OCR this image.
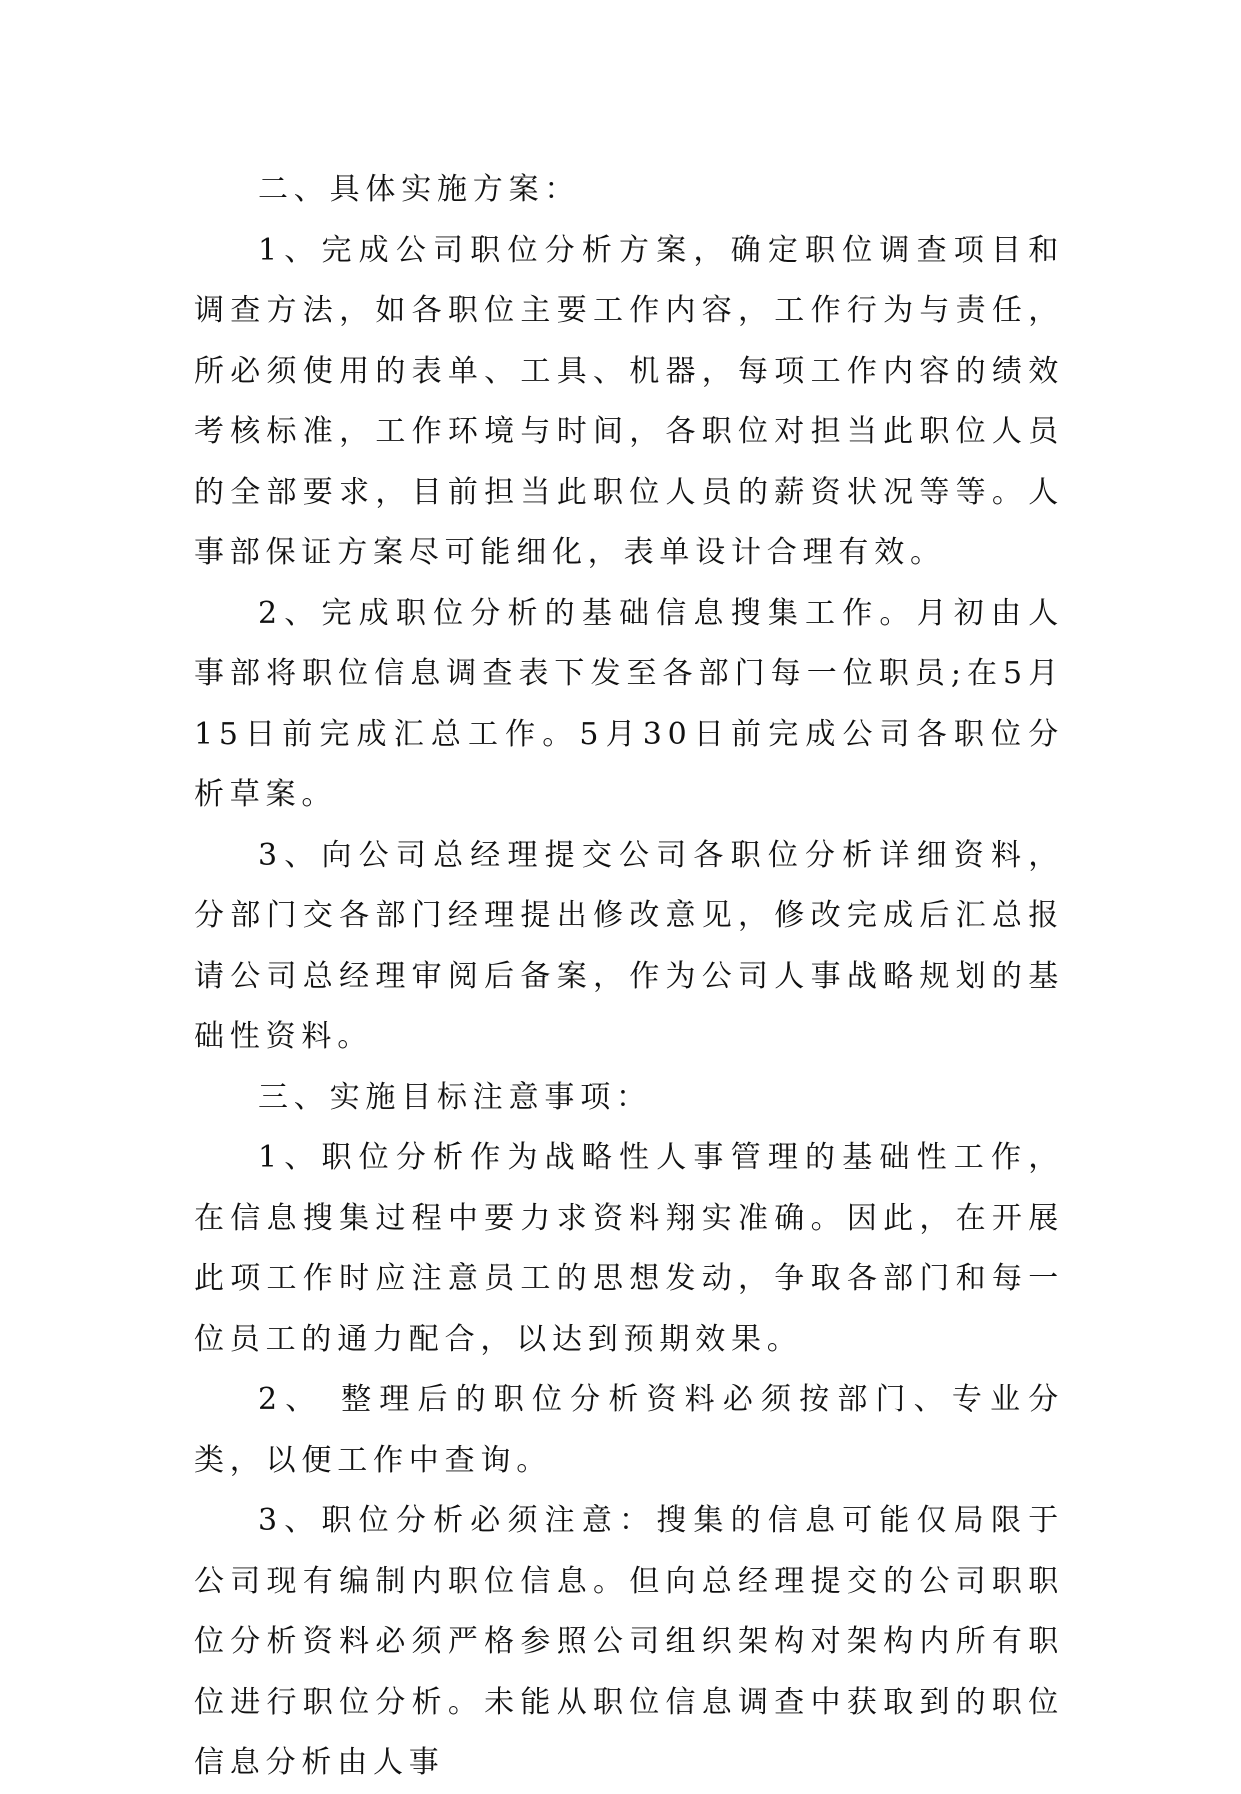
二、具体实施方案：

1、完成公司职位分析方案，确定职位调查项目和调查方法，如各职位主要工作内容，工作行为与责任，所必须使用的表单、工具、机器，每项工作内容的绩效考核标准，工作环境与时间，各职位对担当此职位人员的全部要求，目前担当此职位人员的薪资状况等等。人事部保证方案尽可能细化，表单设计合理有效。

2、完成职位分析的基础信息搜集工作。月初由人事部将职位信息调查表下发至各部门每一位职员;在5月15日前完成汇总工作。5月30日前完成公司各职位分析草案。

3、向公司总经理提交公司各职位分析详细资料，分部门交各部门经理提出修改意见，修改完成后汇总报请公司总经理审阅后备案，作为公司人事战略规划的基础性资料。

三、实施目标注意事项：

1、职位分析作为战略性人事管理的基础性工作，在信息搜集过程中要力求资料翔实准确。因此，在开展此项工作时应注意员工的思想发动，争取各部门和每一位员工的通力配合，以达到预期效果。

2、 整理后的职位分析资料必须按部门、专业分类，以便工作中查询。

3、职位分析必须注意：搜集的信息可能仅局限于公司现有编制内职位信息。但向总经理提交的公司职职位分析资料必须严格参照公司组织架构对架构内所有职位进行职位分析。未能从职位信息调查中获取到的职位信息分析由人事
